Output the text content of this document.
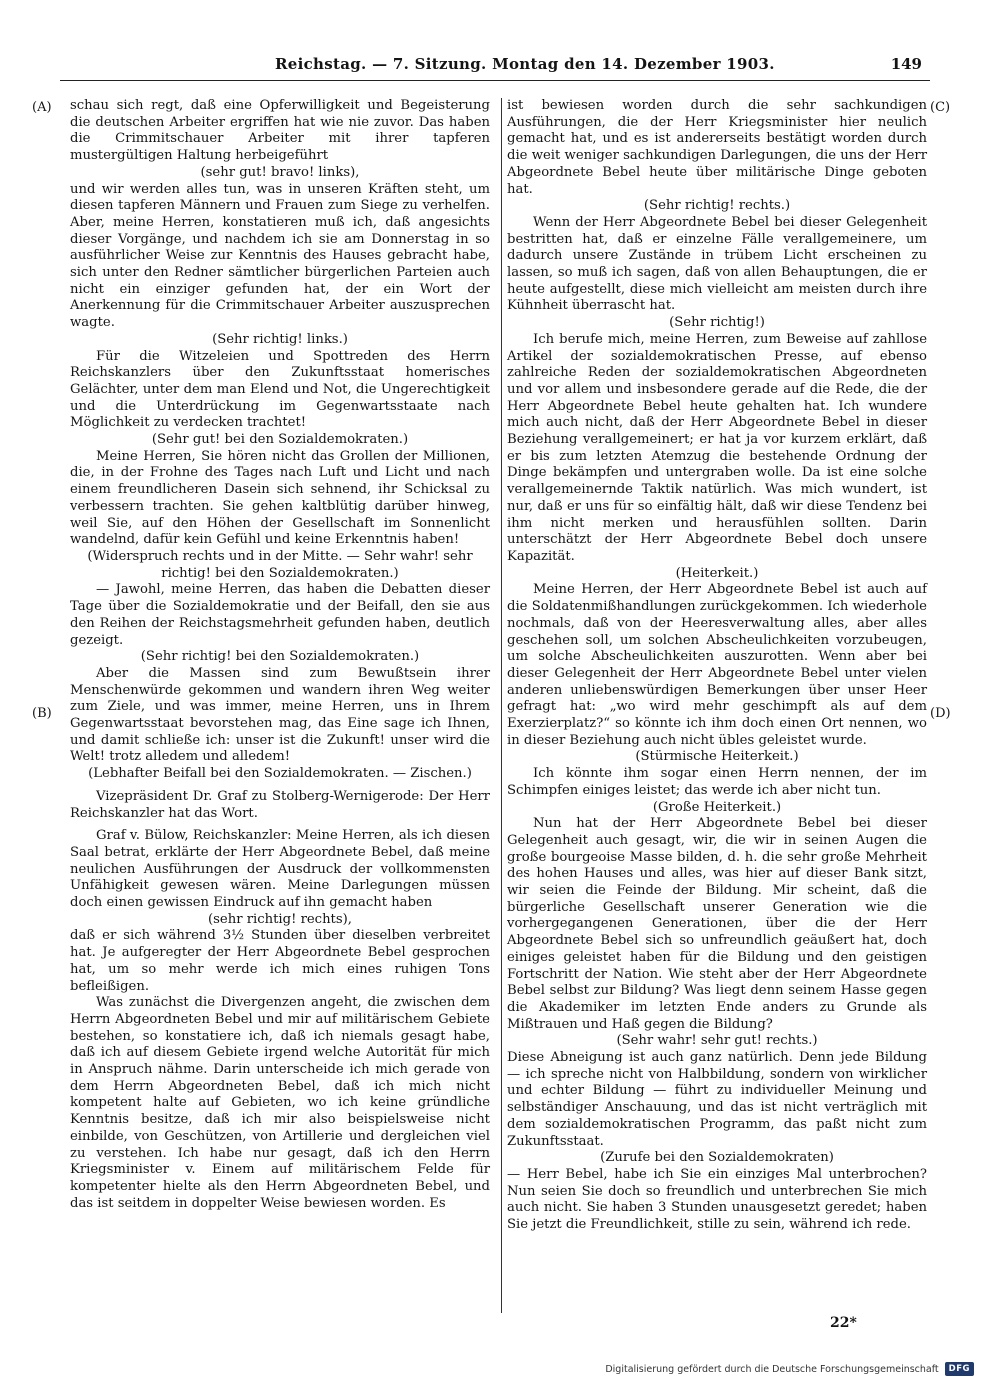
Reichstag. — 7. Sitzung. Montag den 14. Dezember 1903.	149
(A)
(B)
(C)
(D)

schau sich regt, daß eine Opferwilligkeit und Begeisterung die deutschen Arbeiter ergriffen hat wie nie zuvor. Das haben die Crimmitschauer Arbeiter mit ihrer tapferen mustergültigen Haltung herbeigeführt

(sehr gut! bravo! links),

und wir werden alles tun, was in unseren Kräften steht, um diesen tapferen Männern und Frauen zum Siege zu verhelfen. Aber, meine Herren, konstatieren muß ich, daß angesichts dieser Vorgänge, und nachdem ich sie am Donnerstag in so ausführlicher Weise zur Kenntnis des Hauses gebracht habe, sich unter den Redner sämtlicher bürgerlichen Parteien auch nicht ein einziger gefunden hat, der ein Wort der Anerkennung für die Crimmitschauer Arbeiter auszusprechen wagte.

(Sehr richtig! links.)

Für die Witzeleien und Spottreden des Herrn Reichskanzlers über den Zukunftsstaat homerisches Gelächter, unter dem man Elend und Not, die Ungerechtigkeit und die Unterdrückung im Gegenwartsstaate nach Möglichkeit zu verdecken trachtet!

(Sehr gut! bei den Sozialdemokraten.)

Meine Herren, Sie hören nicht das Grollen der Millionen, die, in der Frohne des Tages nach Luft und Licht und nach einem freundlicheren Dasein sich sehnend, ihr Schicksal zu verbessern trachten. Sie gehen kaltblütig darüber hinweg, weil Sie, auf den Höhen der Gesellschaft im Sonnenlicht wandelnd, dafür kein Gefühl und keine Erkenntnis haben!

(Widerspruch rechts und in der Mitte. — Sehr wahr! sehr richtig! bei den Sozialdemokraten.)

— Jawohl, meine Herren, das haben die Debatten dieser Tage über die Sozialdemokratie und der Beifall, den sie aus den Reihen der Reichstagsmehrheit gefunden haben, deutlich gezeigt.

(Sehr richtig! bei den Sozialdemokraten.)

Aber die Massen sind zum Bewußtsein ihrer Menschenwürde gekommen und wandern ihren Weg weiter zum Ziele, und was immer, meine Herren, uns in Ihrem Gegenwartsstaat bevorstehen mag, das Eine sage ich Ihnen, und damit schließe ich: unser ist die Zukunft! unser wird die Welt! trotz alledem und alledem!

(Lebhafter Beifall bei den Sozialdemokraten. — Zischen.)

Vizepräsident Dr. Graf zu Stolberg-Wernigerode: Der Herr Reichskanzler hat das Wort.

Graf v. Bülow, Reichskanzler: Meine Herren, als ich diesen Saal betrat, erklärte der Herr Abgeordnete Bebel, daß meine neulichen Ausführungen der Ausdruck der vollkommensten Unfähigkeit gewesen wären. Meine Darlegungen müssen doch einen gewissen Eindruck auf ihn gemacht haben

(sehr richtig! rechts),

daß er sich während 3½ Stunden über dieselben verbreitet hat. Je aufgeregter der Herr Abgeordnete Bebel gesprochen hat, um so mehr werde ich mich eines ruhigen Tons befleißigen.

Was zunächst die Divergenzen angeht, die zwischen dem Herrn Abgeordneten Bebel und mir auf militärischem Gebiete bestehen, so konstatiere ich, daß ich niemals gesagt habe, daß ich auf diesem Gebiete irgend welche Autorität für mich in Anspruch nähme. Darin unterscheide ich mich gerade von dem Herrn Abgeordneten Bebel, daß ich mich nicht kompetent halte auf Gebieten, wo ich keine gründliche Kenntnis besitze, daß ich mir also beispielsweise nicht einbilde, von Geschützen, von Artillerie und dergleichen viel zu verstehen. Ich habe nur gesagt, daß ich den Herrn Kriegsminister v. Einem auf militärischem Felde für kompetenter hielte als den Herrn Abgeordneten Bebel, und das ist seitdem in doppelter Weise bewiesen worden. Es

ist bewiesen worden durch die sehr sachkundigen Ausführungen, die der Herr Kriegsminister hier neulich gemacht hat, und es ist andererseits bestätigt worden durch die weit weniger sachkundigen Darlegungen, die uns der Herr Abgeordnete Bebel heute über militärische Dinge geboten hat.

(Sehr richtig! rechts.)

Wenn der Herr Abgeordnete Bebel bei dieser Gelegenheit bestritten hat, daß er einzelne Fälle verallgemeinere, um dadurch unsere Zustände in trübem Licht erscheinen zu lassen, so muß ich sagen, daß von allen Behauptungen, die er heute aufgestellt, diese mich vielleicht am meisten durch ihre Kühnheit überrascht hat.

(Sehr richtig!)

Ich berufe mich, meine Herren, zum Beweise auf zahllose Artikel der sozialdemokratischen Presse, auf ebenso zahlreiche Reden der sozialdemokratischen Abgeordneten und vor allem und insbesondere gerade auf die Rede, die der Herr Abgeordnete Bebel heute gehalten hat. Ich wundere mich auch nicht, daß der Herr Abgeordnete Bebel in dieser Beziehung verallgemeinert; er hat ja vor kurzem erklärt, daß er bis zum letzten Atemzug die bestehende Ordnung der Dinge bekämpfen und untergraben wolle. Da ist eine solche verallgemeinernde Taktik natürlich. Was mich wundert, ist nur, daß er uns für so einfältig hält, daß wir diese Tendenz bei ihm nicht merken und herausfühlen sollten. Darin unterschätzt der Herr Abgeordnete Bebel doch unsere Kapazität.

(Heiterkeit.)

Meine Herren, der Herr Abgeordnete Bebel ist auch auf die Soldatenmißhandlungen zurückgekommen. Ich wiederhole nochmals, daß von der Heeresverwaltung alles, aber alles geschehen soll, um solchen Abscheulichkeiten vorzubeugen, um solche Abscheulichkeiten auszurotten. Wenn aber bei dieser Gelegenheit der Herr Abgeordnete Bebel unter vielen anderen unliebenswürdigen Bemerkungen über unser Heer gefragt hat: „wo wird mehr geschimpft als auf dem Exerzierplatz?“ so könnte ich ihm doch einen Ort nennen, wo in dieser Beziehung auch nicht übles geleistet wurde.

(Stürmische Heiterkeit.)

Ich könnte ihm sogar einen Herrn nennen, der im Schimpfen einiges leistet; das werde ich aber nicht tun.

(Große Heiterkeit.)

Nun hat der Herr Abgeordnete Bebel bei dieser Gelegenheit auch gesagt, wir, die wir in seinen Augen die große bourgeoise Masse bilden, d. h. die sehr große Mehrheit des hohen Hauses und alles, was hier auf dieser Bank sitzt, wir seien die Feinde der Bildung. Mir scheint, daß die bürgerliche Gesellschaft unserer Generation wie die vorhergegangenen Generationen, über die der Herr Abgeordnete Bebel sich so unfreundlich geäußert hat, doch einiges geleistet haben für die Bildung und den geistigen Fortschritt der Nation. Wie steht aber der Herr Abgeordnete Bebel selbst zur Bildung? Was liegt denn seinem Hasse gegen die Akademiker im letzten Ende anders zu Grunde als Mißtrauen und Haß gegen die Bildung?

(Sehr wahr! sehr gut! rechts.)

Diese Abneigung ist auch ganz natürlich. Denn jede Bildung — ich spreche nicht von Halbbildung, sondern von wirklicher und echter Bildung — führt zu individueller Meinung und selbständiger Anschauung, und das ist nicht verträglich mit dem sozialdemokratischen Programm, das paßt nicht zum Zukunftsstaat.

(Zurufe bei den Sozialdemokraten)

— Herr Bebel, habe ich Sie ein einziges Mal unterbrochen? Nun seien Sie doch so freundlich und unterbrechen Sie mich auch nicht. Sie haben 3 Stunden unausgesetzt geredet; haben Sie jetzt die Freundlichkeit, stille zu sein, während ich rede.

22*
Digitalisierung gefördert durch die Deutsche Forschungsgemeinschaft	DFG
